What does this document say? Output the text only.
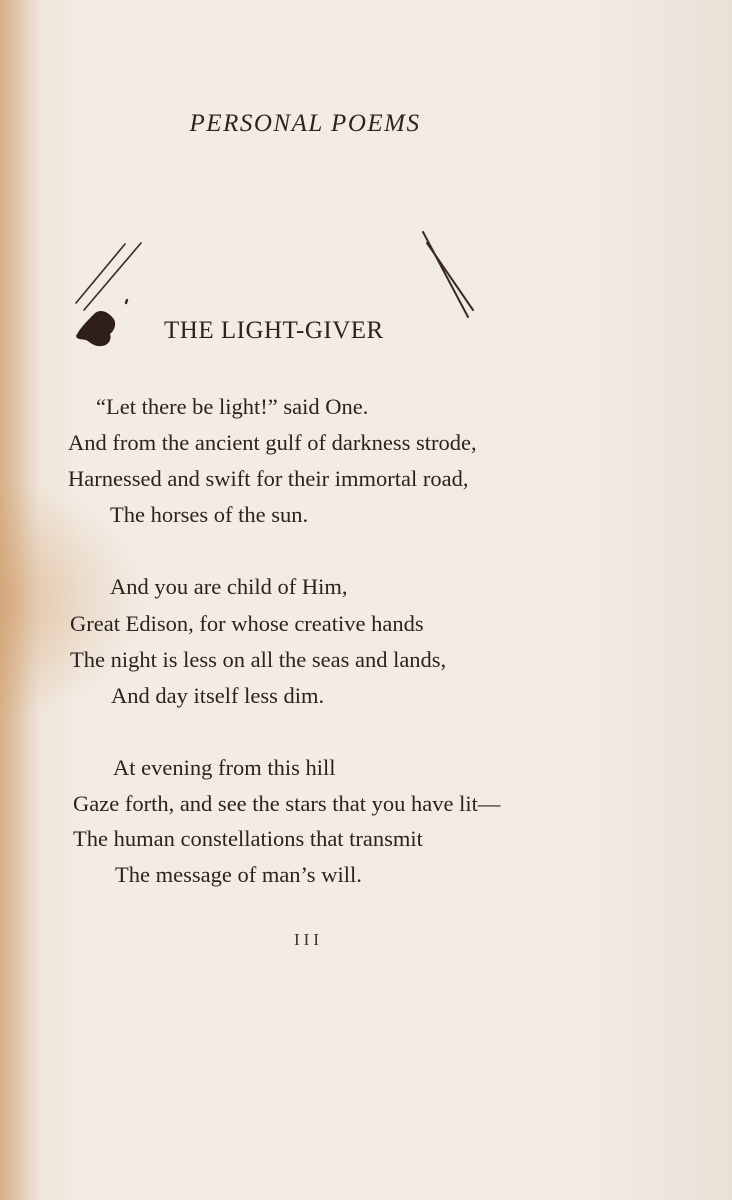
PERSONAL POEMS
THE LIGHT-GIVER
“Let there be light!” said One.
And from the ancient gulf of darkness strode,
Harnessed and swift for their immortal road,
The horses of the sun.
And you are child of Him,
Great Edison, for whose creative hands
The night is less on all the seas and lands,
And day itself less dim.
At evening from this hill
Gaze forth, and see the stars that you have lit—
The human constellations that transmit
The message of man’s will.
III
